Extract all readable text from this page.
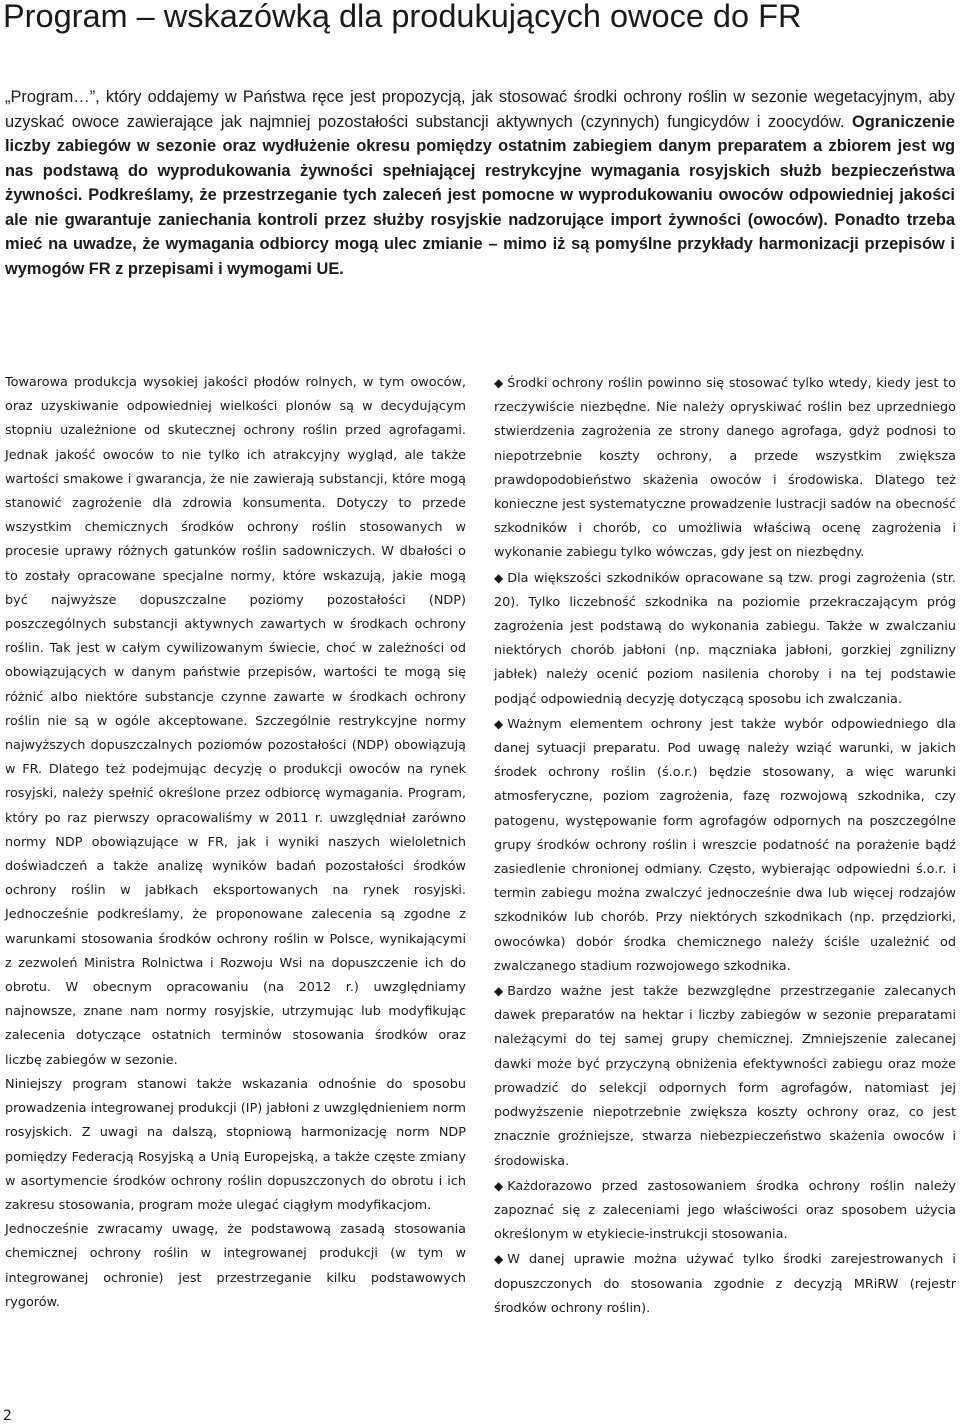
Program – wskazówką dla produkujących owoce do FR

„Program…”, który oddajemy w Państwa ręce jest propozycją, jak stosować środki ochrony roślin w sezonie wegetacyjnym, aby uzyskać owoce zawierające jak najmniej pozostałości substancji aktywnych (czynnych) fungicydów i zoocydów. Ograniczenie liczby zabiegów w sezonie oraz wydłużenie okresu pomiędzy ostatnim zabiegiem danym preparatem a zbiorem jest wg nas podstawą do wyprodukowania żywności spełniającej restrykcyjne wymagania rosyjskich służb bezpieczeństwa żywności. Podkreślamy, że przestrzeganie tych zaleceń jest pomocne w wyprodukowaniu owoców odpowiedniej jakości ale nie gwarantuje zaniechania kontroli przez służby rosyjskie nadzorujące import żywności (owoców). Ponadto trzeba mieć na uwadze, że wymagania odbiorcy mogą ulec zmianie – mimo iż są pomyślne przykłady harmonizacji przepisów i wymogów FR z przepisami i wymogami UE.

Towarowa produkcja wysokiej jakości płodów rolnych, w tym owoców, oraz uzyskiwanie odpowiedniej wielkości plonów są w decydującym stopniu uzależnione od skutecznej ochrony roślin przed agrofagami. Jednak jakość owoców to nie tylko ich atrakcyjny wygląd, ale także wartości smakowe i gwarancja, że nie zawierają substancji, które mogą stanowić zagrożenie dla zdrowia konsumenta. Dotyczy to przede wszystkim chemicznych środków ochrony roślin stosowanych w procesie uprawy różnych gatunków roślin sadowniczych. W dbałości o to zostały opracowane specjalne normy, które wskazują, jakie mogą być najwyższe dopuszczalne poziomy pozostałości (NDP) poszczególnych substancji aktywnych zawartych w środkach ochrony roślin. Tak jest w całym cywilizowanym świecie, choć w zależności od obowiązujących w danym państwie przepisów, wartości te mogą się różnić albo niektóre substancje czynne zawarte w środkach ochrony roślin nie są w ogóle akceptowane. Szczególnie restrykcyjne normy najwyższych dopuszczalnych poziomów pozostałości (NDP) obowiązują w FR. Dlatego też podejmując decyzję o produkcji owoców na rynek rosyjski, należy spełnić określone przez odbiorcę wymagania. Program, który po raz pierwszy opracowaliśmy w 2011 r. uwzględniał zarówno normy NDP obowiązujące w FR, jak i wyniki naszych wieloletnich doświadczeń a także analizę wyników badań pozostałości środków ochrony roślin w jabłkach eksportowanych na rynek rosyjski. Jednocześnie podkreślamy, że proponowane zalecenia są zgodne z warunkami stosowania środków ochrony roślin w Polsce, wynikającymi z zezwoleń Ministra Rolnictwa i Rozwoju Wsi na dopuszczenie ich do obrotu. W obecnym opracowaniu (na 2012 r.) uwzględniamy najnowsze, znane nam normy rosyjskie, utrzymując lub modyfikując zalecenia dotyczące ostatnich terminów stosowania środków oraz liczbę zabiegów w sezonie.

Niniejszy program stanowi także wskazania odnośnie do sposobu prowadzenia integrowanej produkcji (IP) jabłoni z uwzględnieniem norm rosyjskich. Z uwagi na dalszą, stopniową harmonizację norm NDP pomiędzy Federacją Rosyjską a Unią Europejską, a także częste zmiany w asortymencie środków ochrony roślin dopuszczonych do obrotu i ich zakresu stosowania, program może ulegać ciągłym modyfikacjom.

Jednocześnie zwracamy uwagę, że podstawową zasadą stosowania chemicznej ochrony roślin w integrowanej produkcji (w tym w integrowanej ochronie) jest przestrzeganie kilku podstawowych rygorów.

◆ Środki ochrony roślin powinno się stosować tylko wtedy, kiedy jest to rzeczywiście niezbędne. Nie należy opryskiwać roślin bez uprzedniego stwierdzenia zagrożenia ze strony danego agrofaga, gdyż podnosi to niepotrzebnie koszty ochrony, a przede wszystkim zwiększa prawdopodobieństwo skażenia owoców i środowiska. Dlatego też konieczne jest systematyczne prowadzenie lustracji sadów na obecność szkodników i chorób, co umożliwia właściwą ocenę zagrożenia i wykonanie zabiegu tylko wówczas, gdy jest on niezbędny.

◆ Dla większości szkodników opracowane są tzw. progi zagrożenia (str. 20). Tylko liczebność szkodnika na poziomie przekraczającym próg zagrożenia jest podstawą do wykonania zabiegu. Także w zwalczaniu niektórych chorób jabłoni (np. mączniaka jabłoni, gorzkiej zgnilizny jabłek) należy ocenić poziom nasilenia choroby i na tej podstawie podjąć odpowiednią decyzję dotyczącą sposobu ich zwalczania.

◆ Ważnym elementem ochrony jest także wybór odpowiedniego dla danej sytuacji preparatu. Pod uwagę należy wziąć warunki, w jakich środek ochrony roślin (ś.o.r.) będzie stosowany, a więc warunki atmosferyczne, poziom zagrożenia, fazę rozwojową szkodnika, czy patogenu, występowanie form agrofagów odpornych na poszczególne grupy środków ochrony roślin i wreszcie podatność na porażenie bądź zasiedlenie chronionej odmiany. Często, wybierając odpowiedni ś.o.r. i termin zabiegu można zwalczyć jednocześnie dwa lub więcej rodzajów szkodników lub chorób. Przy niektórych szkodnikach (np. przędziorki, owocówka) dobór środka chemicznego należy ściśle uzależnić od zwalczanego stadium rozwojowego szkodnika.

◆ Bardzo ważne jest także bezwzględne przestrzeganie zalecanych dawek preparatów na hektar i liczby zabiegów w sezonie preparatami należącymi do tej samej grupy chemicznej. Zmniejszenie zalecanej dawki może być przyczyną obniżenia efektywności zabiegu oraz może prowadzić do selekcji odpornych form agrofagów, natomiast jej podwyższenie niepotrzebnie zwiększa koszty ochrony oraz, co jest znacznie groźniejsze, stwarza niebezpieczeństwo skażenia owoców i środowiska.

◆ Każdorazowo przed zastosowaniem środka ochrony roślin należy zapoznać się z zaleceniami jego właściwości oraz sposobem użycia określonym w etykiecie-instrukcji stosowania.

◆ W danej uprawie można używać tylko środki zarejestrowanych i dopuszczonych do stosowania zgodnie z decyzją MRiRW (rejestr środków ochrony roślin).

2
